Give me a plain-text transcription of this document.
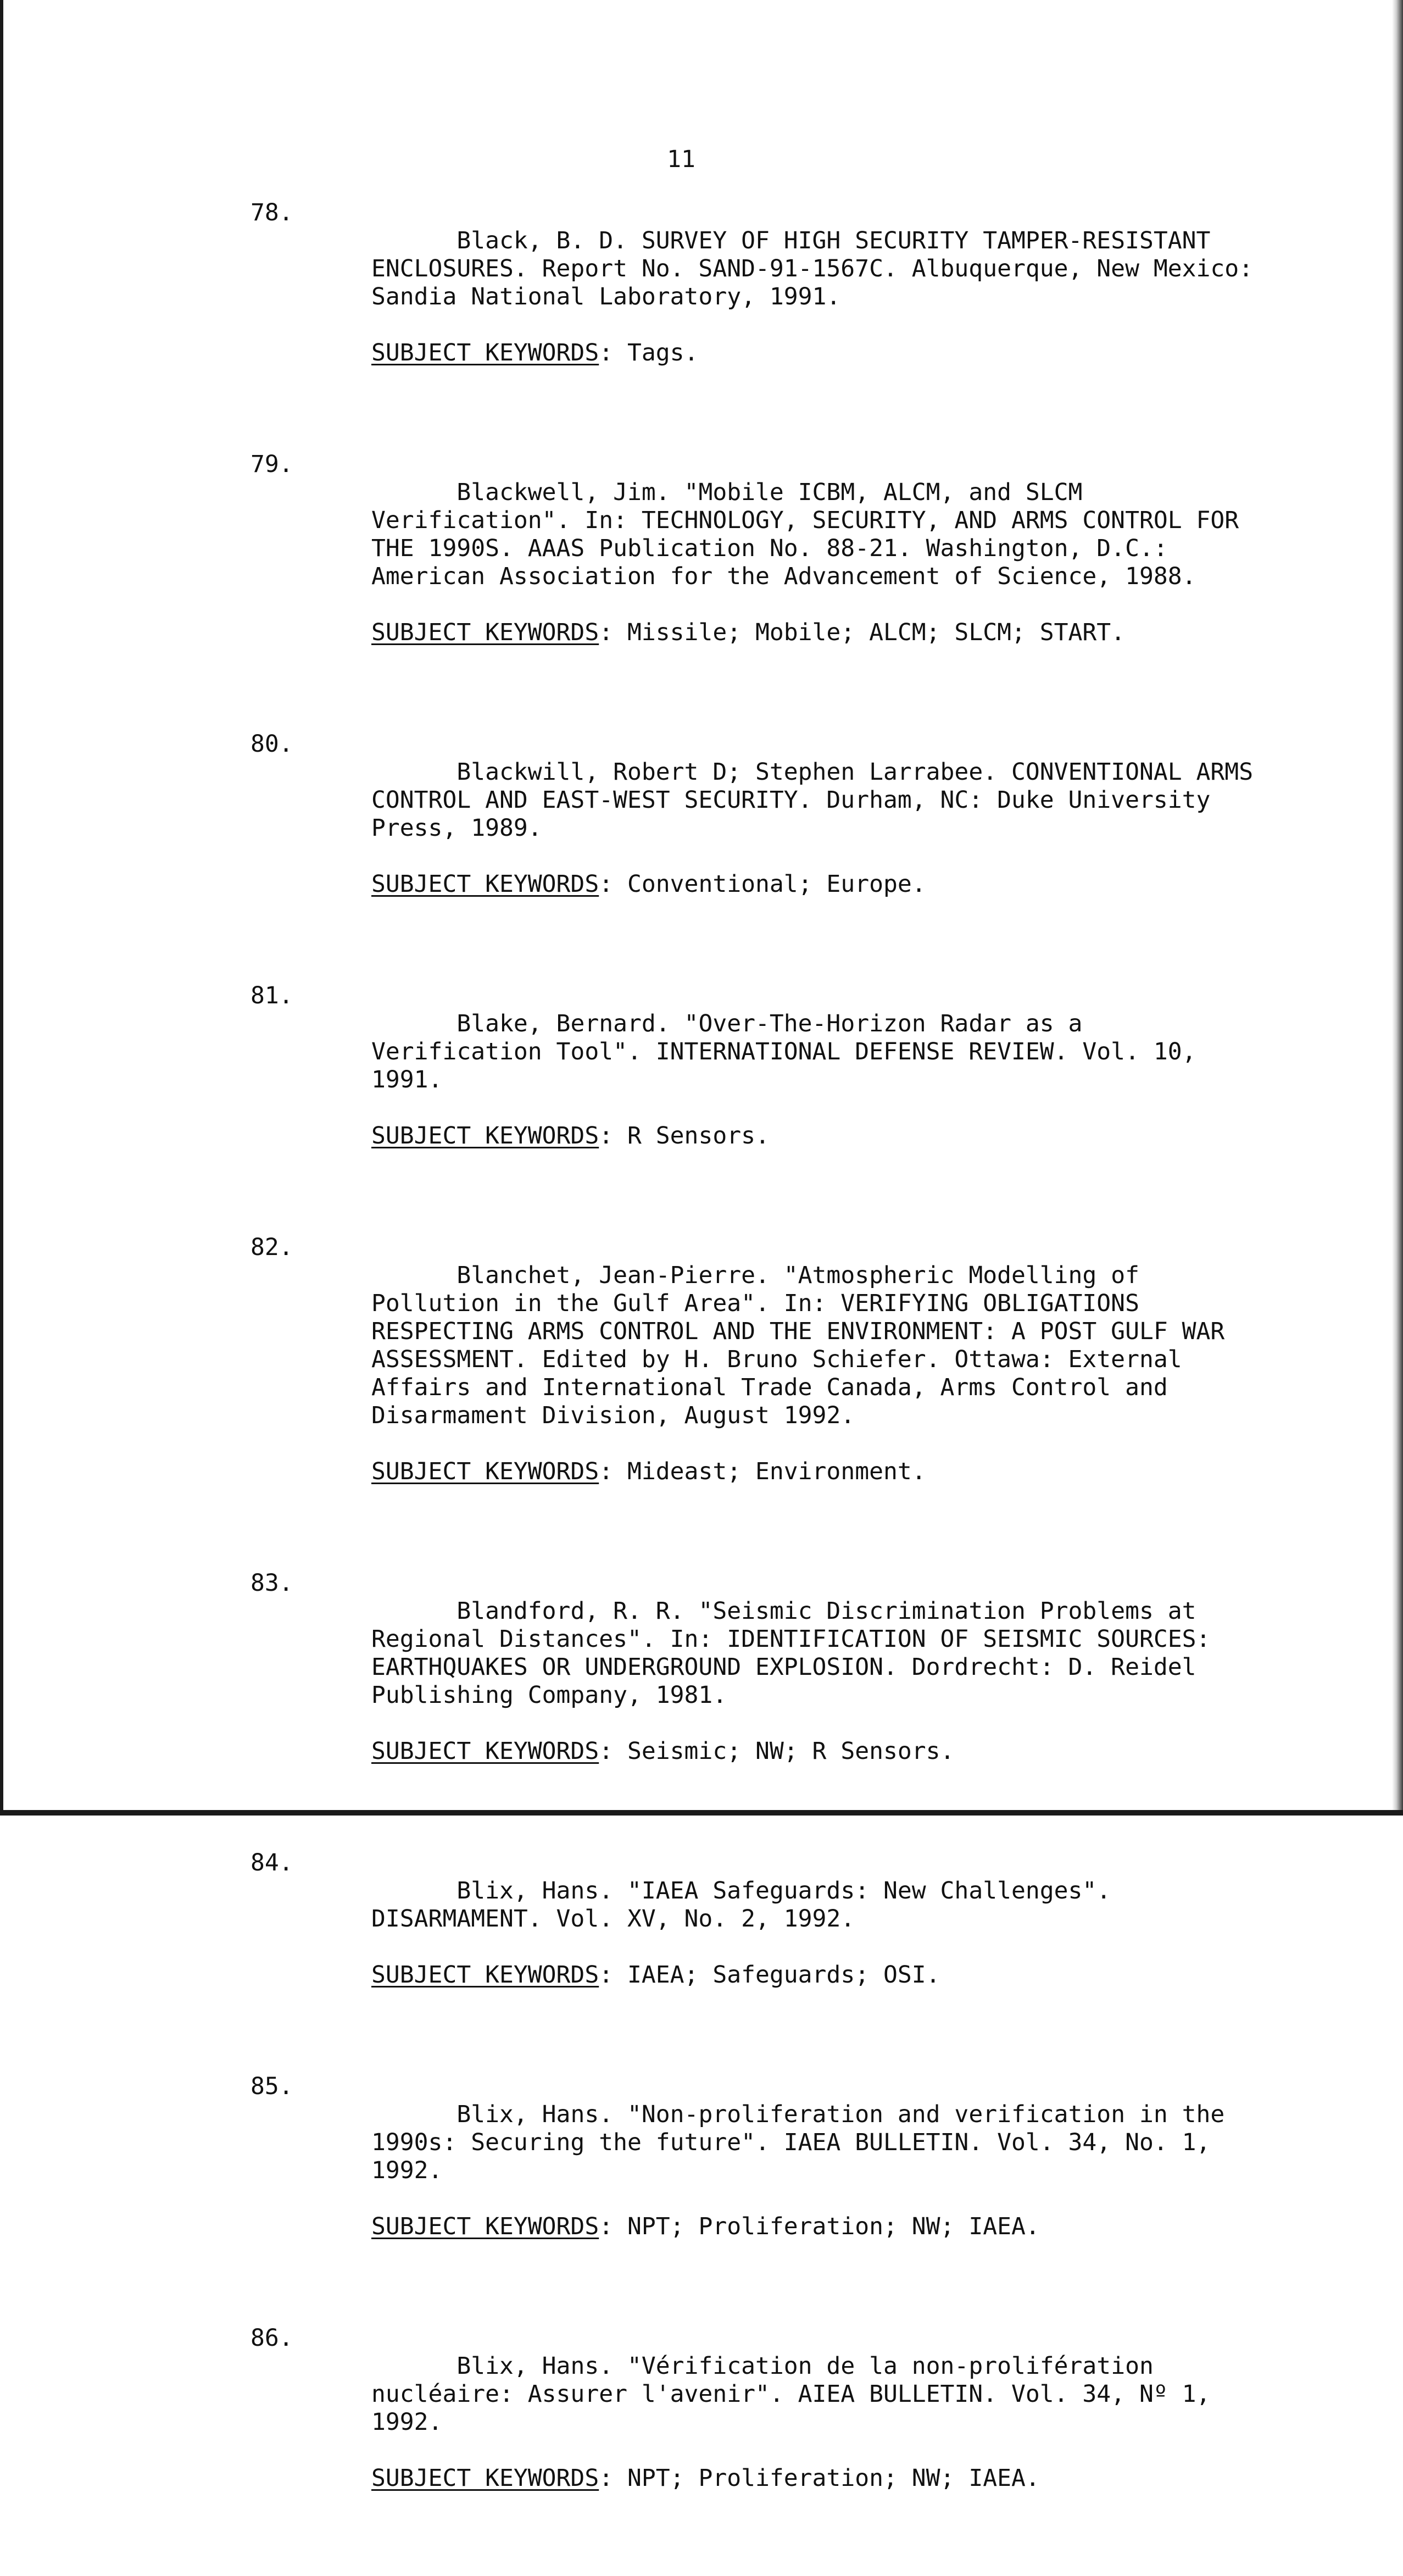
11
78.

Black, B. D. SURVEY OF HIGH SECURITY TAMPER-RESISTANT ENCLOSURES. Report No. SAND-91-1567C. Albuquerque, New Mexico: Sandia National Laboratory, 1991.

SUBJECT KEYWORDS: Tags.

79.

Blackwell, Jim. "Mobile ICBM, ALCM, and SLCM Verification". In: TECHNOLOGY, SECURITY, AND ARMS CONTROL FOR THE 1990S. AAAS Publication No. 88-21. Washington, D.C.: American Association for the Advancement of Science, 1988.

SUBJECT KEYWORDS: Missile; Mobile; ALCM; SLCM; START.

80.

Blackwill, Robert D; Stephen Larrabee. CONVENTIONAL ARMS CONTROL AND EAST-WEST SECURITY. Durham, NC: Duke University Press, 1989.

SUBJECT KEYWORDS: Conventional; Europe.

81.

Blake, Bernard. "Over-The-Horizon Radar as a Verification Tool". INTERNATIONAL DEFENSE REVIEW. Vol. 10, 1991.

SUBJECT KEYWORDS: R Sensors.

82.

Blanchet, Jean-Pierre. "Atmospheric Modelling of Pollution in the Gulf Area". In: VERIFYING OBLIGATIONS RESPECTING ARMS CONTROL AND THE ENVIRONMENT: A POST GULF WAR ASSESSMENT. Edited by H. Bruno Schiefer. Ottawa: External Affairs and International Trade Canada, Arms Control and Disarmament Division, August 1992.

SUBJECT KEYWORDS: Mideast; Environment.

83.

Blandford, R. R. "Seismic Discrimination Problems at Regional Distances". In: IDENTIFICATION OF SEISMIC SOURCES: EARTHQUAKES OR UNDERGROUND EXPLOSION. Dordrecht: D. Reidel Publishing Company, 1981.

SUBJECT KEYWORDS: Seismic; NW; R Sensors.

84.

Blix, Hans. "IAEA Safeguards: New Challenges". DISARMAMENT. Vol. XV, No. 2, 1992.

SUBJECT KEYWORDS: IAEA; Safeguards; OSI.

85.

Blix, Hans. "Non-proliferation and verification in the 1990s: Securing the future". IAEA BULLETIN. Vol. 34, No. 1, 1992.

SUBJECT KEYWORDS: NPT; Proliferation; NW; IAEA.

86.

Blix, Hans. "Vérification de la non-prolifération nucléaire: Assurer l'avenir". AIEA BULLETIN. Vol. 34, Nº 1, 1992.

SUBJECT KEYWORDS: NPT; Proliferation; NW; IAEA.
